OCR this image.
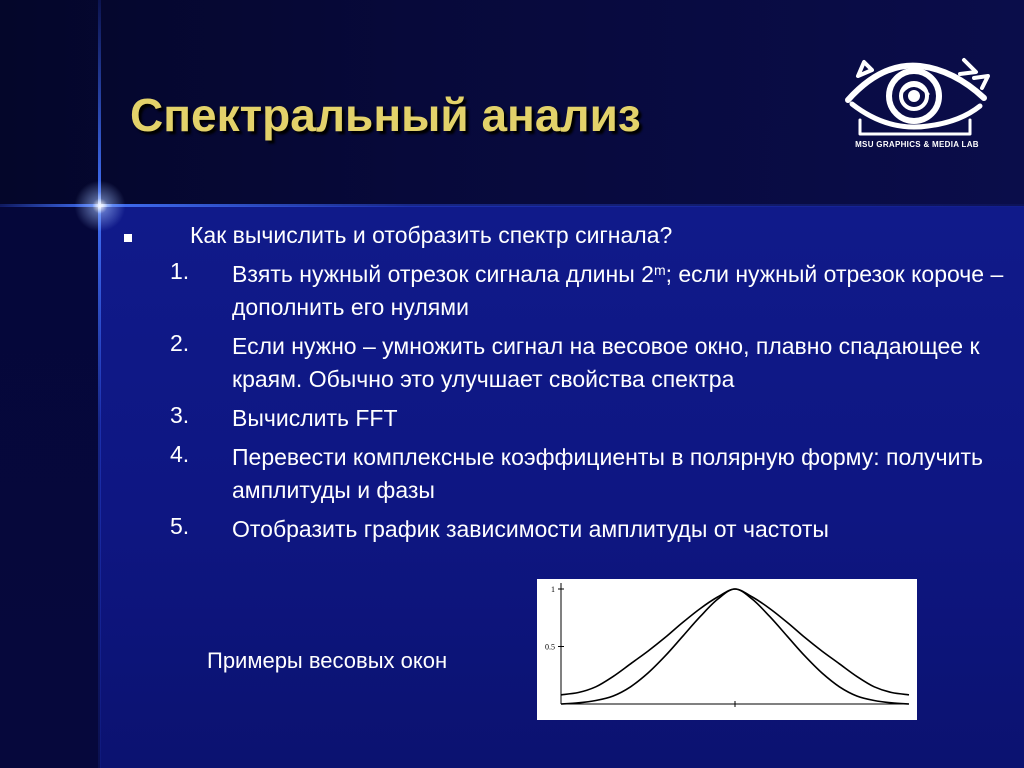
Спектральный анализ
MSU GRAPHICS & MEDIA LAB
Как вычислить и отобразить спектр сигнала?
1. Взять нужный отрезок сигнала длины 2$^m$; если нужный отрезок короче – дополнить его нулями
2. Если нужно – умножить сигнал на весовое окно, плавно спадающее к краям. Обычно это улучшает свойства спектра
3. Вычислить FFT
4. Перевести комплексные коэффициенты в полярную форму: получить амплитуды и фазы
5. Отобразить график зависимости амплитуды от частоты
Примеры весовых окон
1
0.5
